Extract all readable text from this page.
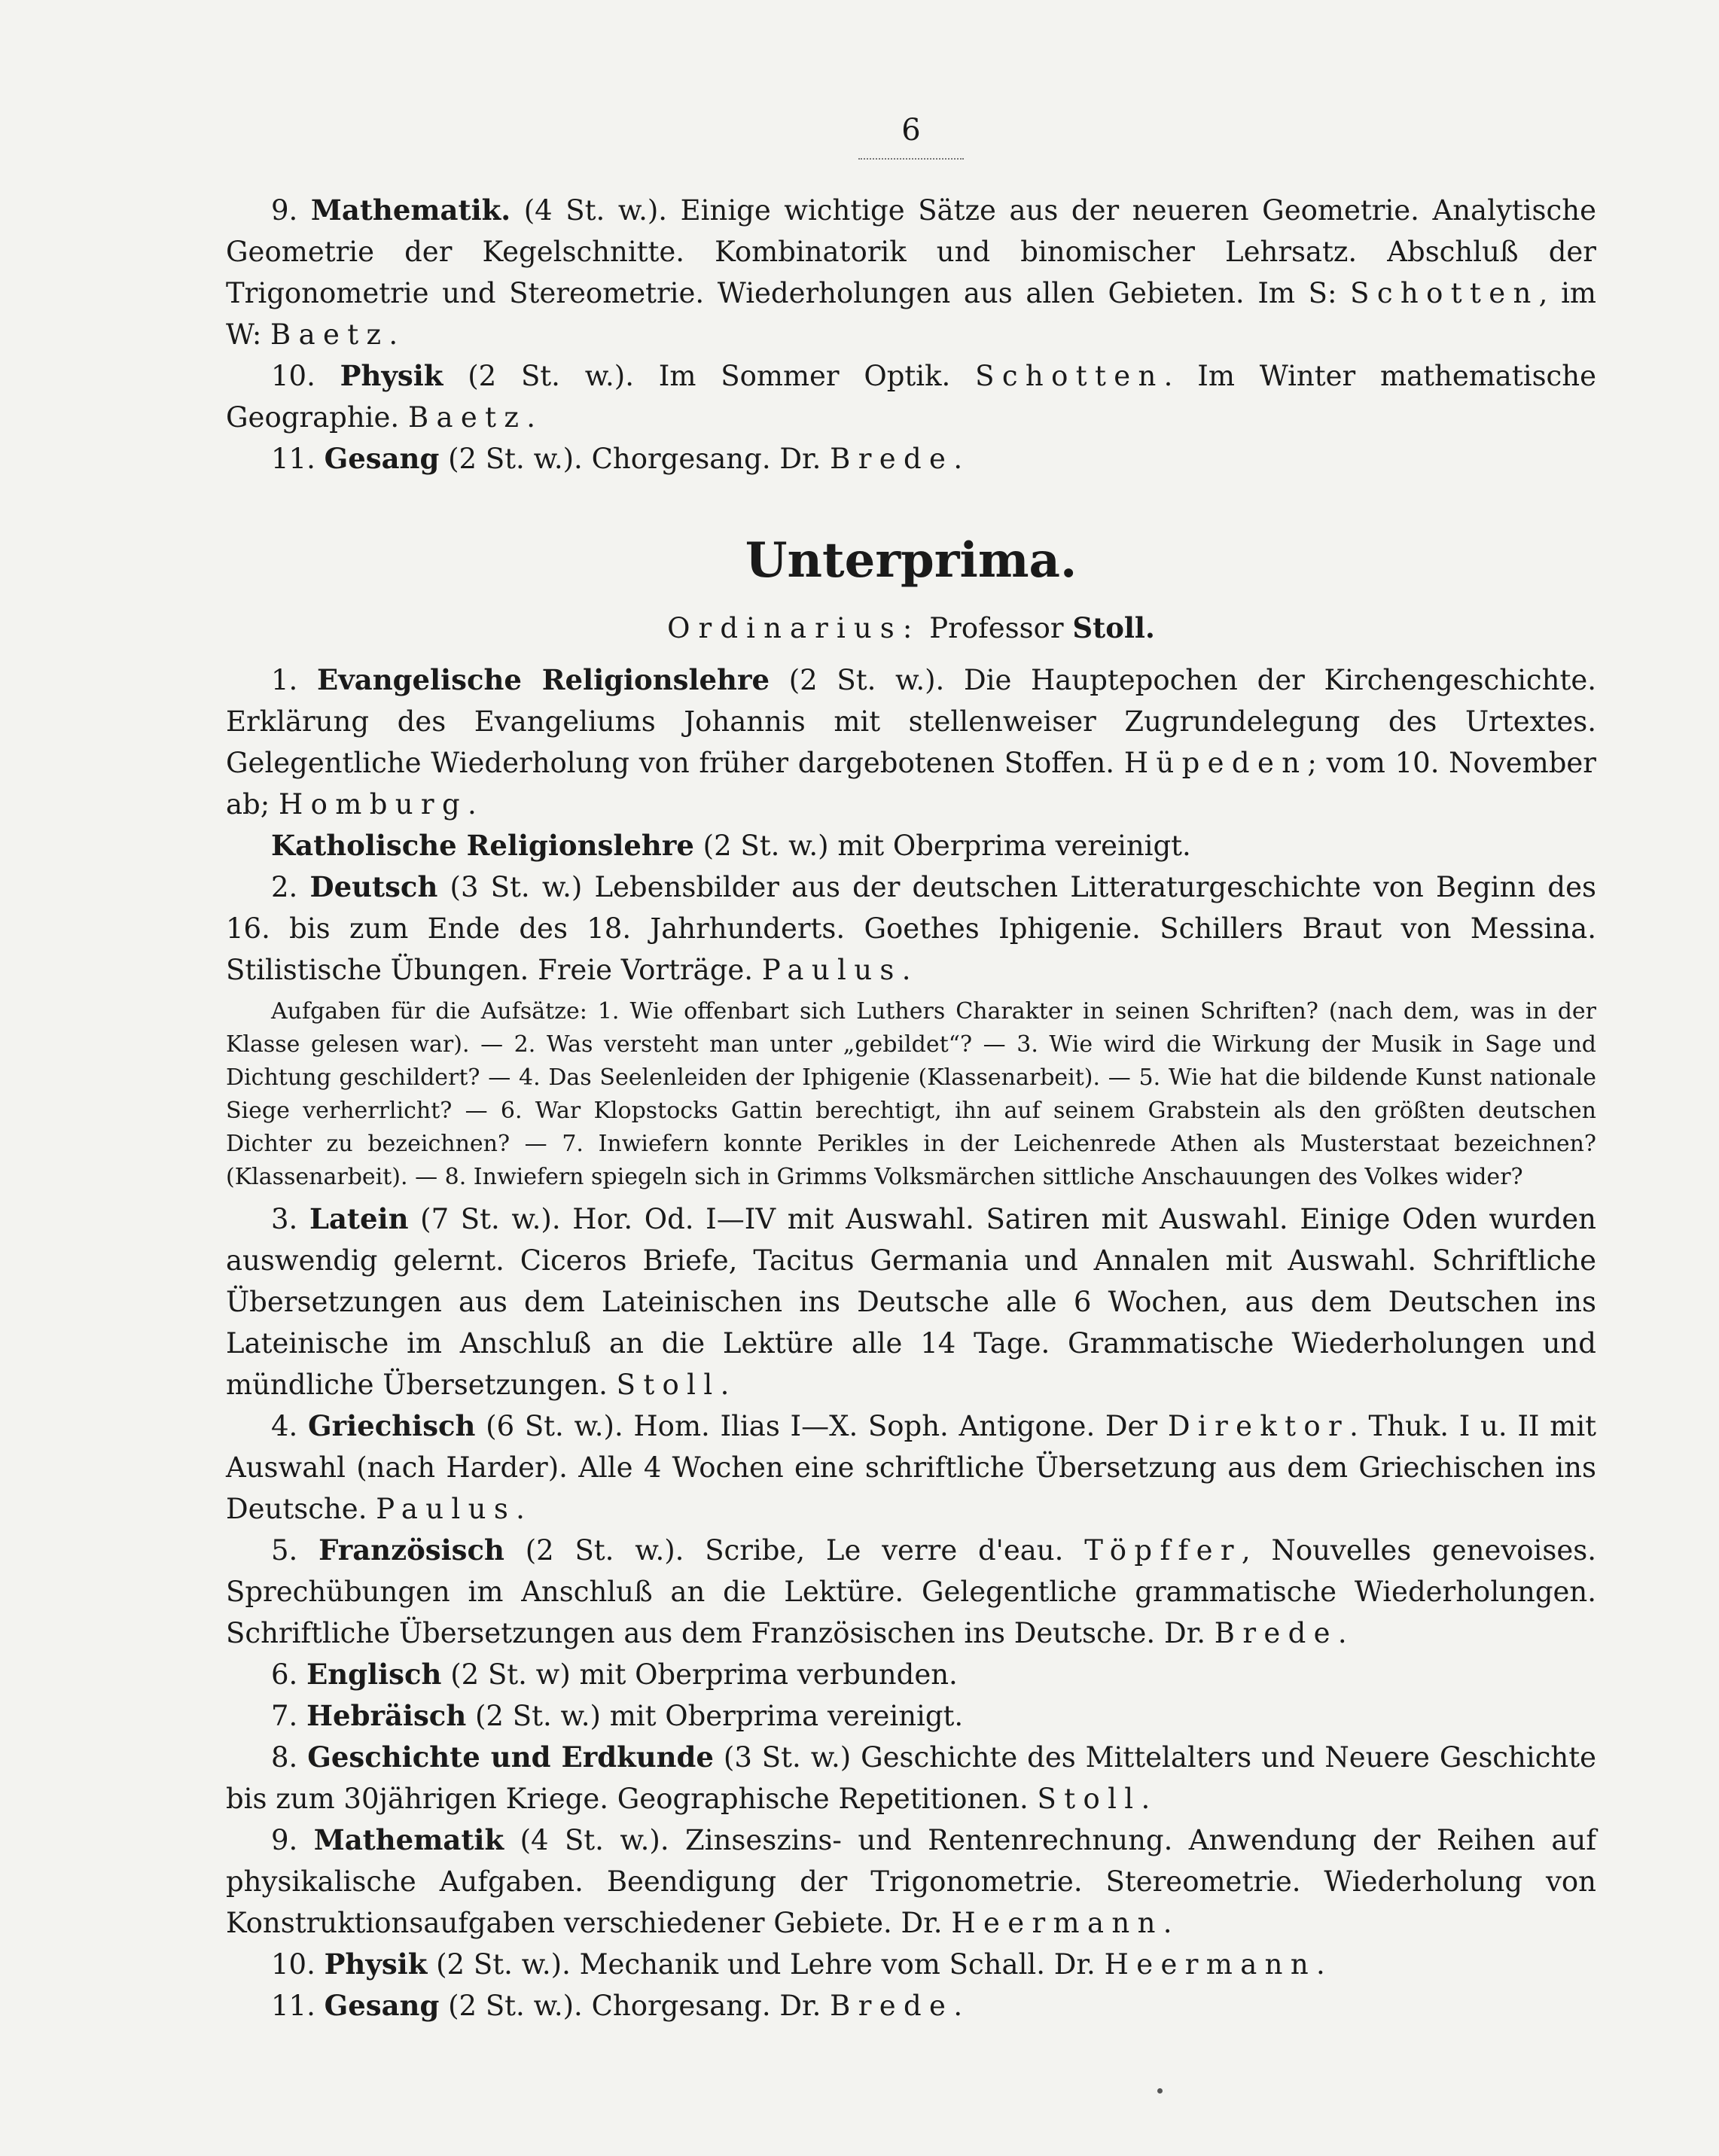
6

9. Mathematik. (4 St. w.). Einige wichtige Sätze aus der neueren Geometrie. Analytische Geometrie der Kegelschnitte. Kombinatorik und binomischer Lehrsatz. Abschluß der Trigonometrie und Stereometrie. Wiederholungen aus allen Gebieten. Im S: Schotten, im W: Baetz.

10. Physik (2 St. w.). Im Sommer Optik. Schotten. Im Winter mathematische Geographie. Baetz.

11. Gesang (2 St. w.). Chorgesang. Dr. Brede.

Unterprima.
Ordinarius: Professor Stoll.

1. Evangelische Religionslehre (2 St. w.). Die Hauptepochen der Kirchengeschichte. Erklärung des Evangeliums Johannis mit stellenweiser Zugrundelegung des Urtextes. Gelegentliche Wiederholung von früher dargebotenen Stoffen. Hüpeden; vom 10. November ab; Homburg.

Katholische Religionslehre (2 St. w.) mit Oberprima vereinigt.

2. Deutsch (3 St. w.) Lebensbilder aus der deutschen Litteraturgeschichte von Beginn des 16. bis zum Ende des 18. Jahrhunderts. Goethes Iphigenie. Schillers Braut von Messina. Stilistische Übungen. Freie Vorträge. Paulus.

Aufgaben für die Aufsätze: 1. Wie offenbart sich Luthers Charakter in seinen Schriften? (nach dem, was in der Klasse gelesen war). — 2. Was versteht man unter „gebildet“? — 3. Wie wird die Wirkung der Musik in Sage und Dichtung geschildert? — 4. Das Seelenleiden der Iphigenie (Klassenarbeit). — 5. Wie hat die bildende Kunst nationale Siege verherrlicht? — 6. War Klopstocks Gattin berechtigt, ihn auf seinem Grabstein als den größten deutschen Dichter zu bezeichnen? — 7. Inwiefern konnte Perikles in der Leichenrede Athen als Musterstaat bezeichnen? (Klassenarbeit). — 8. Inwiefern spiegeln sich in Grimms Volksmärchen sittliche Anschauungen des Volkes wider?

3. Latein (7 St. w.). Hor. Od. I—IV mit Auswahl. Satiren mit Auswahl. Einige Oden wurden auswendig gelernt. Ciceros Briefe, Tacitus Germania und Annalen mit Auswahl. Schriftliche Übersetzungen aus dem Lateinischen ins Deutsche alle 6 Wochen, aus dem Deutschen ins Lateinische im Anschluß an die Lektüre alle 14 Tage. Grammatische Wiederholungen und mündliche Übersetzungen. Stoll.

4. Griechisch (6 St. w.). Hom. Ilias I—X. Soph. Antigone. Der Direktor. Thuk. I u. II mit Auswahl (nach Harder). Alle 4 Wochen eine schriftliche Übersetzung aus dem Griechischen ins Deutsche. Paulus.

5. Französisch (2 St. w.). Scribe, Le verre d'eau. Töpffer, Nouvelles genevoises. Sprechübungen im Anschluß an die Lektüre. Gelegentliche grammatische Wiederholungen. Schriftliche Übersetzungen aus dem Französischen ins Deutsche. Dr. Brede.

6. Englisch (2 St. w) mit Oberprima verbunden.

7. Hebräisch (2 St. w.) mit Oberprima vereinigt.

8. Geschichte und Erdkunde (3 St. w.) Geschichte des Mittelalters und Neuere Geschichte bis zum 30jährigen Kriege. Geographische Repetitionen. Stoll.

9. Mathematik (4 St. w.). Zinseszins- und Rentenrechnung. Anwendung der Reihen auf physikalische Aufgaben. Beendigung der Trigonometrie. Stereometrie. Wiederholung von Konstruktionsaufgaben verschiedener Gebiete. Dr. Heermann.

10. Physik (2 St. w.). Mechanik und Lehre vom Schall. Dr. Heermann.

11. Gesang (2 St. w.). Chorgesang. Dr. Brede.
